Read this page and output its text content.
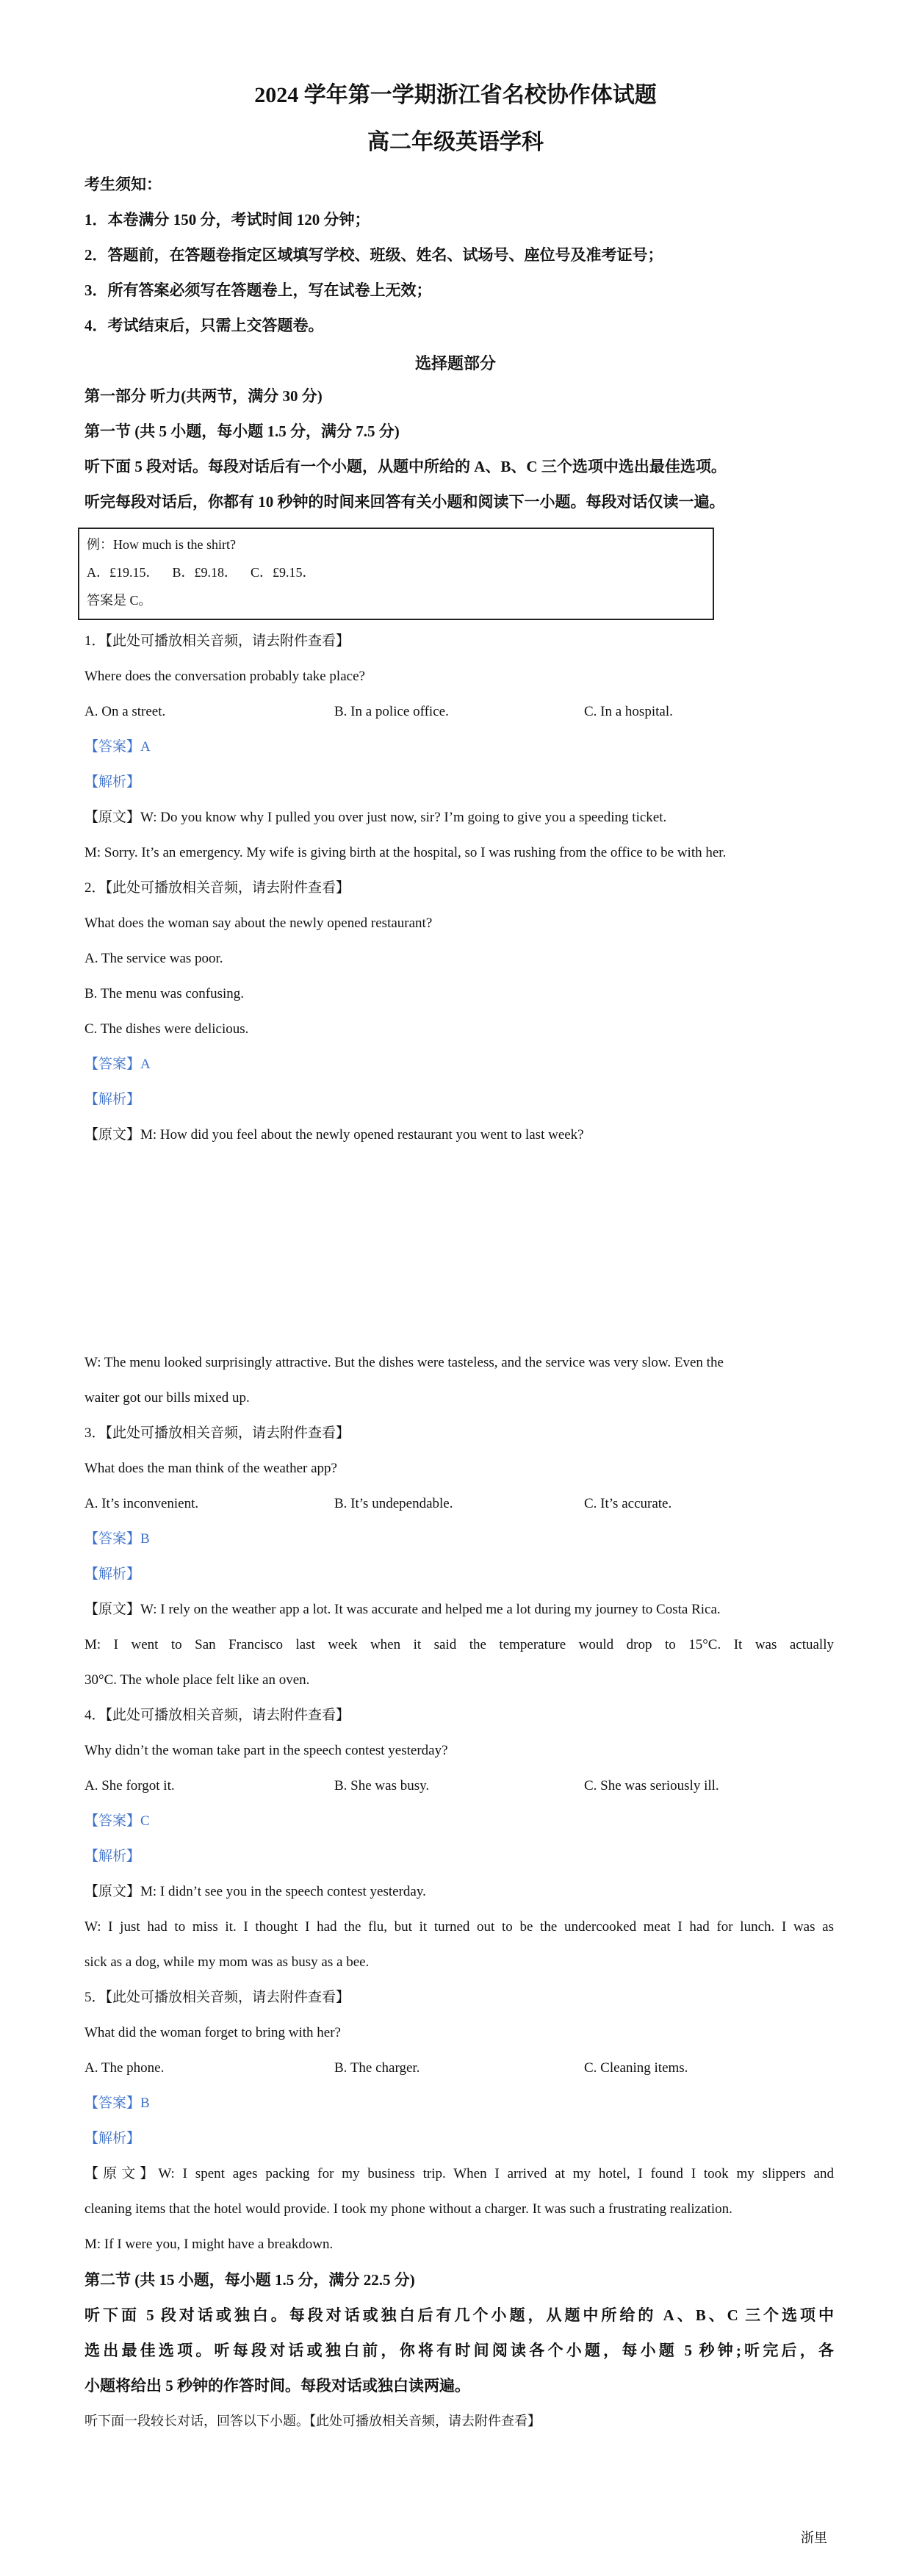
2024 学年第一学期浙江省名校协作体试题
高二年级英语学科
考生须知：
1．本卷满分 150 分，考试时间 120 分钟；
2．答题前，在答题卷指定区域填写学校、班级、姓名、试场号、座位号及准考证号；
3．所有答案必须写在答题卷上，写在试卷上无效；
4．考试结束后，只需上交答题卷。
选择题部分
第一部分 听力(共两节，满分 30 分)
第一节 (共 5 小题，每小题 1.5 分，满分 7.5 分)
听下面 5 段对话。每段对话后有一个小题，从题中所给的 A、B、C 三个选项中选出最佳选项。
听完每段对话后，你都有 10 秒钟的时间来回答有关小题和阅读下一小题。每段对话仅读一遍。
例：How much is the shirt?
A．£19.15．    B．£9.18．    C．£9.15．
答案是 C。
1．【此处可播放相关音频，请去附件查看】
Where does the conversation probably take place?
A. On a street.	B. In a police office.	C. In a hospital.
【答案】A
【解析】
【原文】W: Do you know why I pulled you over just now, sir? I’m going to give you a speeding ticket.
M: Sorry. It’s an emergency. My wife is giving birth at the hospital, so I was rushing from the office to be with her.
2．【此处可播放相关音频，请去附件查看】
What does the woman say about the newly opened restaurant?
A. The service was poor.
B. The menu was confusing.
C. The dishes were delicious.
【答案】A
【解析】
【原文】M: How did you feel about the newly opened restaurant you went to last week?
W: The menu looked surprisingly attractive. But the dishes were tasteless, and the service was very slow. Even the
waiter got our bills mixed up.
3．【此处可播放相关音频，请去附件查看】
What does the man think of the weather app?
A. It’s inconvenient.	B. It’s undependable.	C. It’s accurate.
【答案】B
【解析】
【原文】W: I rely on the weather app a lot. It was accurate and helped me a lot during my journey to Costa Rica.
M: I went to San Francisco last week when it said the temperature would drop to 15°C. It was actually
30°C. The whole place felt like an oven.
4．【此处可播放相关音频，请去附件查看】
Why didn’t the woman take part in the speech contest yesterday?
A. She forgot it.	B. She was busy.	C. She was seriously ill.
【答案】C
【解析】
【原文】M: I didn’t see you in the speech contest yesterday.
W: I just had to miss it. I thought I had the flu, but it turned out to be the undercooked meat I had for lunch. I was as
sick as a dog, while my mom was as busy as a bee.
5．【此处可播放相关音频，请去附件查看】
What did the woman forget to bring with her?
A. The phone.	B. The charger.	C. Cleaning items.
【答案】B
【解析】
【原文】W: I spent ages packing for my business trip. When I arrived at my hotel, I found I took my slippers and
cleaning items that the hotel would provide. I took my phone without a charger. It was such a frustrating realization.
M: If I were you, I might have a breakdown.
第二节 (共 15 小题，每小题 1.5 分，满分 22.5 分)
听下面 5 段对话或独白。每段对话或独白后有几个小题，从题中所给的 A、B、C 三个选项中
选出最佳选项。听每段对话或独白前，你将有时间阅读各个小题，每小题 5 秒钟;听完后，各
小题将给出 5 秒钟的作答时间。每段对话或独白读两遍。
听下面一段较长对话，回答以下小题。【此处可播放相关音频，请去附件查看】
浙里
